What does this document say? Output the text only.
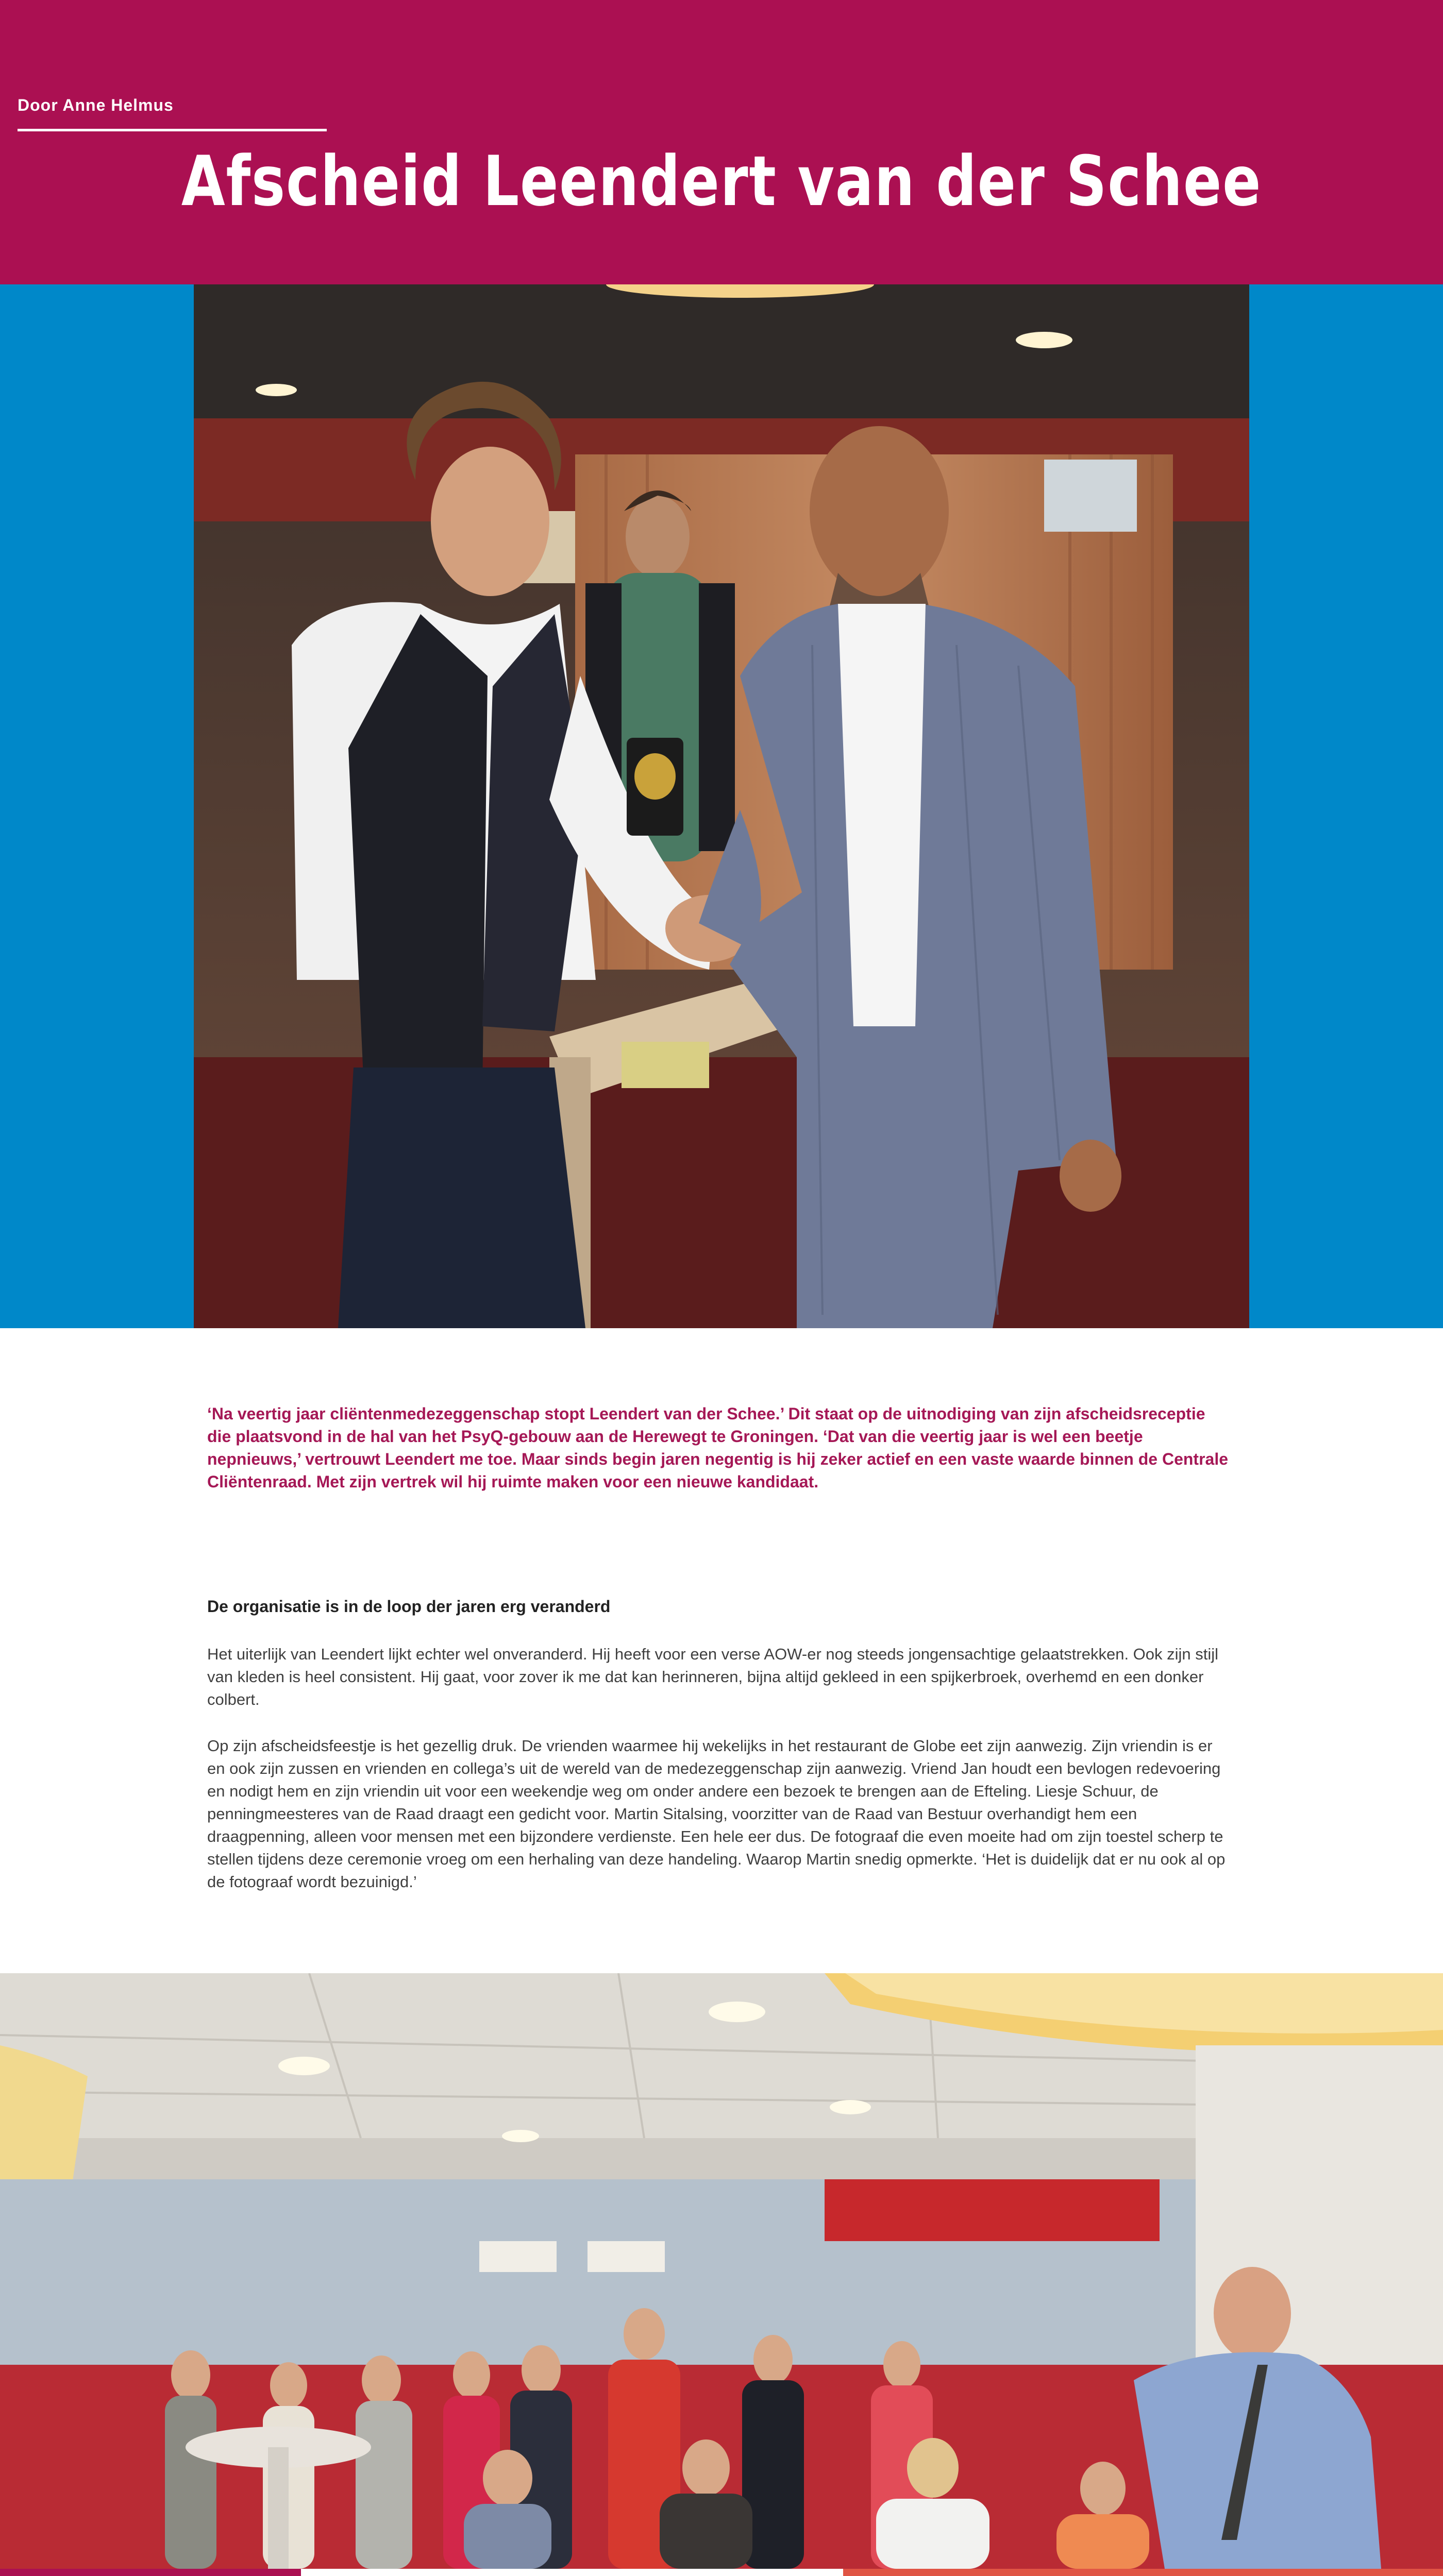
Door Anne Helmus
Afscheid Leendert van der Schee

‘Na veertig jaar cliëntenmedezeggenschap stopt Leendert van der Schee.’ Dit staat op de uitnodiging van zijn afscheidsreceptie die plaatsvond in de hal van het PsyQ-gebouw aan de Herewegt te Groningen. ‘Dat van die veertig jaar is wel een beetje nepnieuws,’ vertrouwt Leendert me toe. Maar sinds begin jaren negentig is hij zeker actief en een vaste waarde binnen de Centrale Cliëntenraad. Met zijn vertrek wil hij ruimte maken voor een nieuwe kandidaat.

De organisatie is in de loop der jaren erg veranderd

Het uiterlijk van Leendert lijkt echter wel onveranderd. Hij heeft voor een verse AOW-er nog steeds jongensachtige gelaatstrekken. Ook zijn stijl van kleden is heel consistent. Hij gaat, voor zover ik me dat kan herinneren, bijna altijd gekleed in een spijkerbroek, overhemd en een donker colbert.

Op zijn afscheidsfeestje is het gezellig druk. De vrienden waarmee hij wekelijks in het restaurant de Globe eet zijn aanwezig. Zijn vriendin is er en ook zijn zussen en vrienden en collega’s uit de wereld van de medezeggenschap zijn aanwezig. Vriend Jan houdt een bevlogen redevoering en nodigt hem en zijn vriendin uit voor een weekendje weg om onder andere een bezoek te brengen aan de Efteling. Liesje Schuur, de penningmeesteres van de Raad draagt een gedicht voor. Martin Sitalsing, voorzitter van de Raad van Bestuur overhandigt hem een draagpenning, alleen voor mensen met een bijzondere verdienste. Een hele eer dus. De fotograaf die even moeite had om zijn toestel scherp te stellen tijdens deze ceremonie vroeg om een herhaling van deze handeling. Waarop Martin snedig opmerkte. ‘Het is duidelijk dat er nu ook al op de fotograaf wordt bezuinigd.’
